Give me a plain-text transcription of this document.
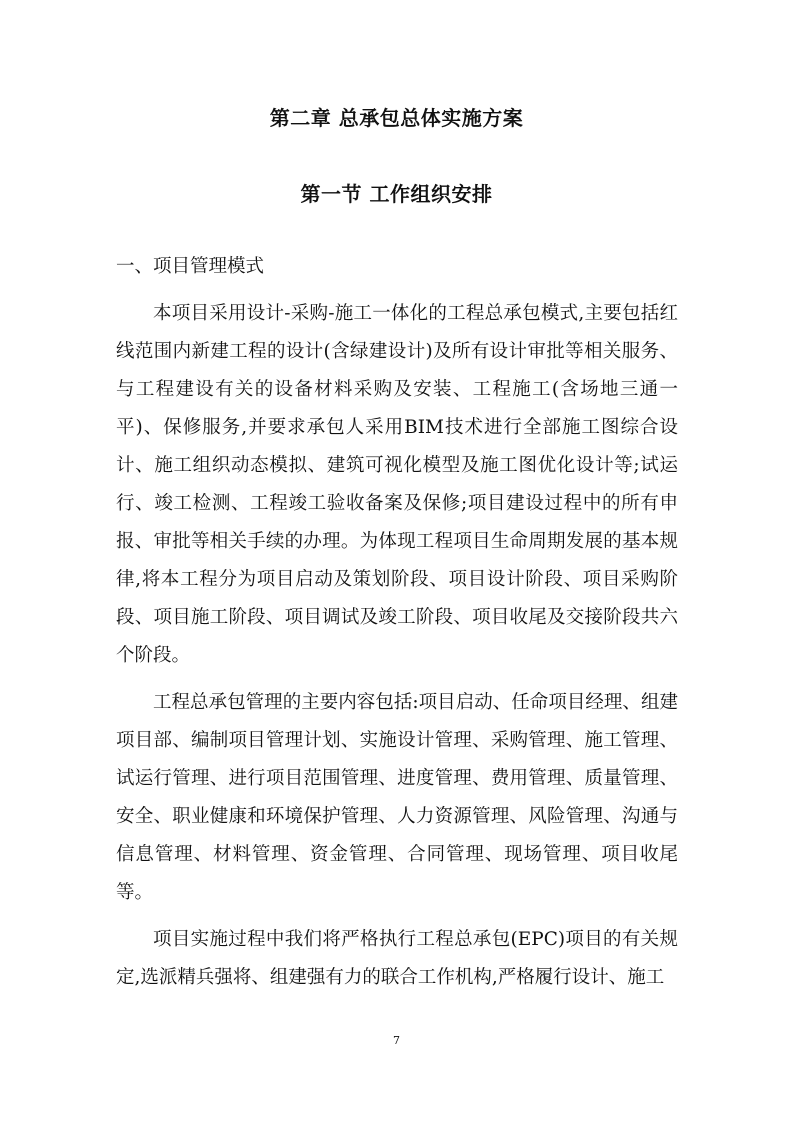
第二章 总承包总体实施方案
第一节 工作组织安排

一、项目管理模式

本项目采用设计-采购-施工一体化的工程总承包模式,主要包括红线范围内新建工程的设计(含绿建设计)及所有设计审批等相关服务、与工程建设有关的设备材料采购及安装、工程施工(含场地三通一平)、保修服务,并要求承包人采用BIM技术进行全部施工图综合设计、施工组织动态模拟、建筑可视化模型及施工图优化设计等;试运行、竣工检测、工程竣工验收备案及保修;项目建设过程中的所有申报、审批等相关手续的办理。为体现工程项目生命周期发展的基本规律,将本工程分为项目启动及策划阶段、项目设计阶段、项目采购阶段、项目施工阶段、项目调试及竣工阶段、项目收尾及交接阶段共六个阶段。

工程总承包管理的主要内容包括:项目启动、任命项目经理、组建项目部、编制项目管理计划、实施设计管理、采购管理、施工管理、试运行管理、进行项目范围管理、进度管理、费用管理、质量管理、安全、职业健康和环境保护管理、人力资源管理、风险管理、沟通与信息管理、材料管理、资金管理、合同管理、现场管理、项目收尾等。

项目实施过程中我们将严格执行工程总承包(EPC)项目的有关规定,选派精兵强将、组建强有力的联合工作机构,严格履行设计、施工

7
